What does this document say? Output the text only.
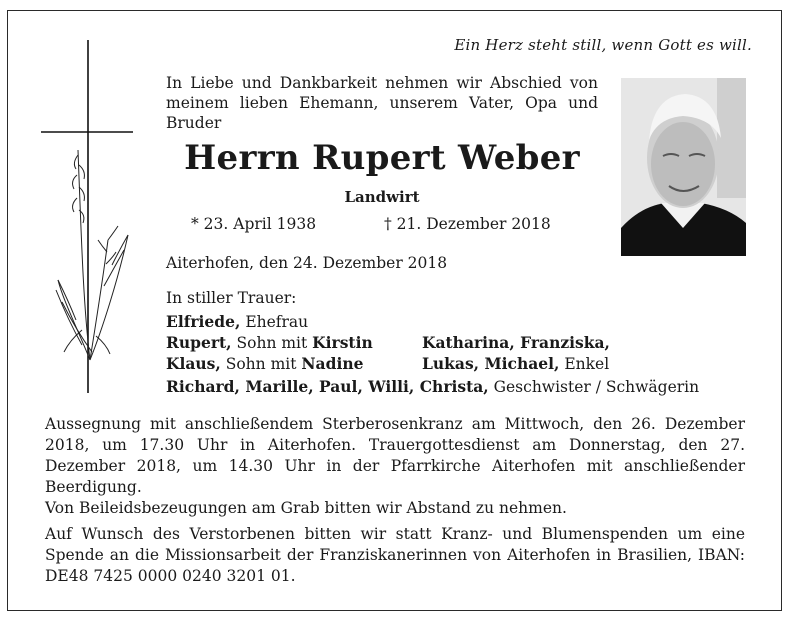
Ein Herz steht still, wenn Gott es will.
In Liebe und Dankbarkeit nehmen wir Abschied von meinem lieben Ehemann, unserem Vater, Opa und Bruder
Herrn Rupert Weber
Landwirt
* 23. April 1938	† 21. Dezember 2018
Aiterhofen, den 24. Dezember 2018
In stiller Trauer:
Elfriede, Ehefrau
Rupert, Sohn mit Kirstin	Katharina, Franziska,
Klaus, Sohn mit Nadine	Lukas, Michael, Enkel
Richard, Marille, Paul, Willi, Christa, Geschwister / Schwägerin
Aussegnung mit anschließendem Sterberosenkranz am Mittwoch, den 26. Dezember 2018, um 17.30 Uhr in Aiterhofen. Trauergottesdienst am Donnerstag, den 27. Dezember 2018, um 14.30 Uhr in der Pfarrkirche Aiterhofen mit anschließender Beerdigung.
Von Beileidsbezeugungen am Grab bitten wir Abstand zu nehmen.
Auf Wunsch des Verstorbenen bitten wir statt Kranz- und Blumenspenden um eine Spende an die Missionsarbeit der Franziskanerinnen von Aiterhofen in Brasilien, IBAN: DE48 7425 0000 0240 3201 01.
